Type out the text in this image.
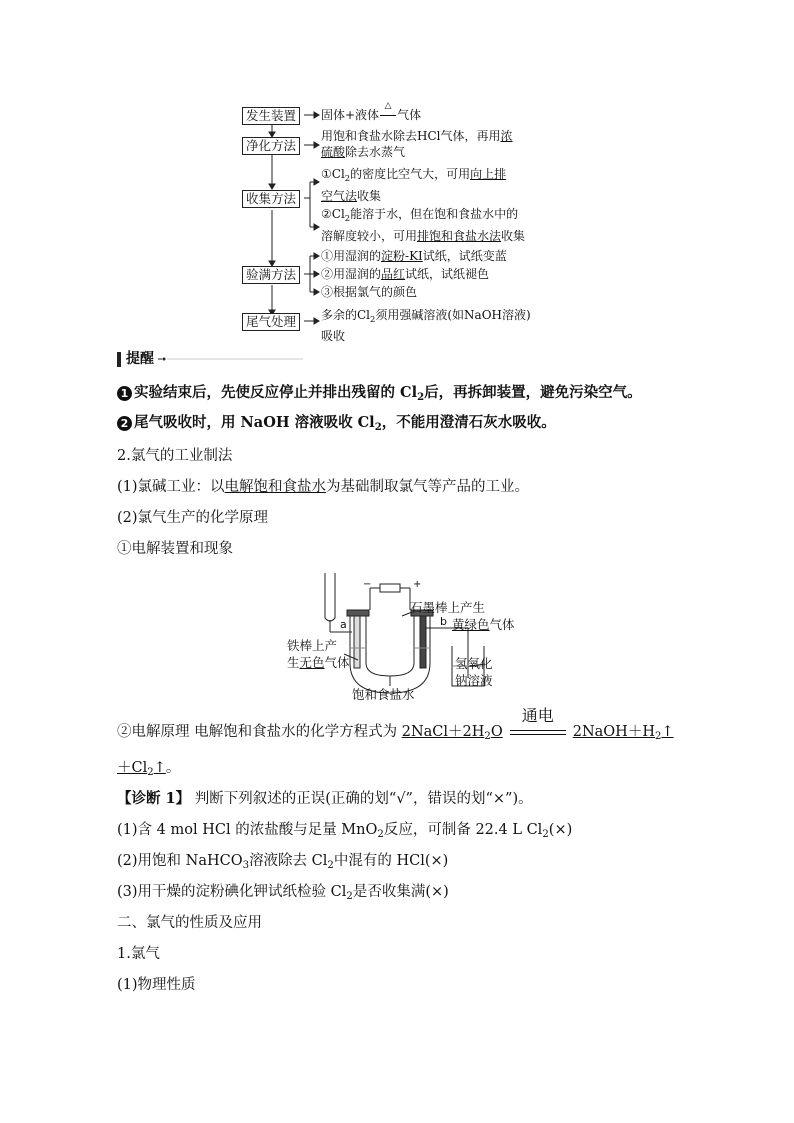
发生装置
净化方法
收集方法
验满方法
尾气处理
固体+液体
△
气体
用饱和食盐水除去HCl气体，再用浓
硫酸除去水蒸气
$①Cl_2$的密度比空气大，可用向上排
空气法收集
$②Cl_2$能溶于水，但在饱和食盐水中的
溶解度较小，可用排饱和食盐水法收集
①用湿润的淀粉-KI试纸，试纸变蓝
②用湿润的品红试纸，试纸褪色
③根据氯气的颜色
多余的$Cl_2$须用强碱溶液(如NaOH溶液)
吸收
提醒
1 实验结束后，先使反应停止并排出残留的 $Cl_2$后，再拆卸装置，避免污染空气。
2 尾气吸收时，用 NaOH 溶液吸收 $Cl_2$，不能用澄清石灰水吸收。
2.氯气的工业制法
(1)氯碱工业：以电解饱和食盐水为基础制取氯气等产品的工业。
(2)氯气生产的化学原理
①电解装置和现象
−	+
a	b
石墨棒上产生
黄绿色气体
铁棒上产
生无色气体	氢氧化
钠溶液
饱和食盐水
②电解原理 电解饱和食盐水的化学方程式为 $2NaCl+2H_2O$
通电
$2NaOH+H_2↑$
$+Cl_2↑$。
【诊断 1】 判断下列叙述的正误(正确的划“√”，错误的划“×”)。
(1)含 4 mol HCl 的浓盐酸与足量 MnO$_2$反应，可制备 22.4 L $Cl_2(\times)$
(2)用饱和 NaHCO$_3$溶液除去 $Cl_2$中混有的 HCl(×)
(3)用干燥的淀粉碘化钾试纸检验 $Cl_2$是否收集满(×)
二、氯气的性质及应用
1.氯气
(1)物理性质
